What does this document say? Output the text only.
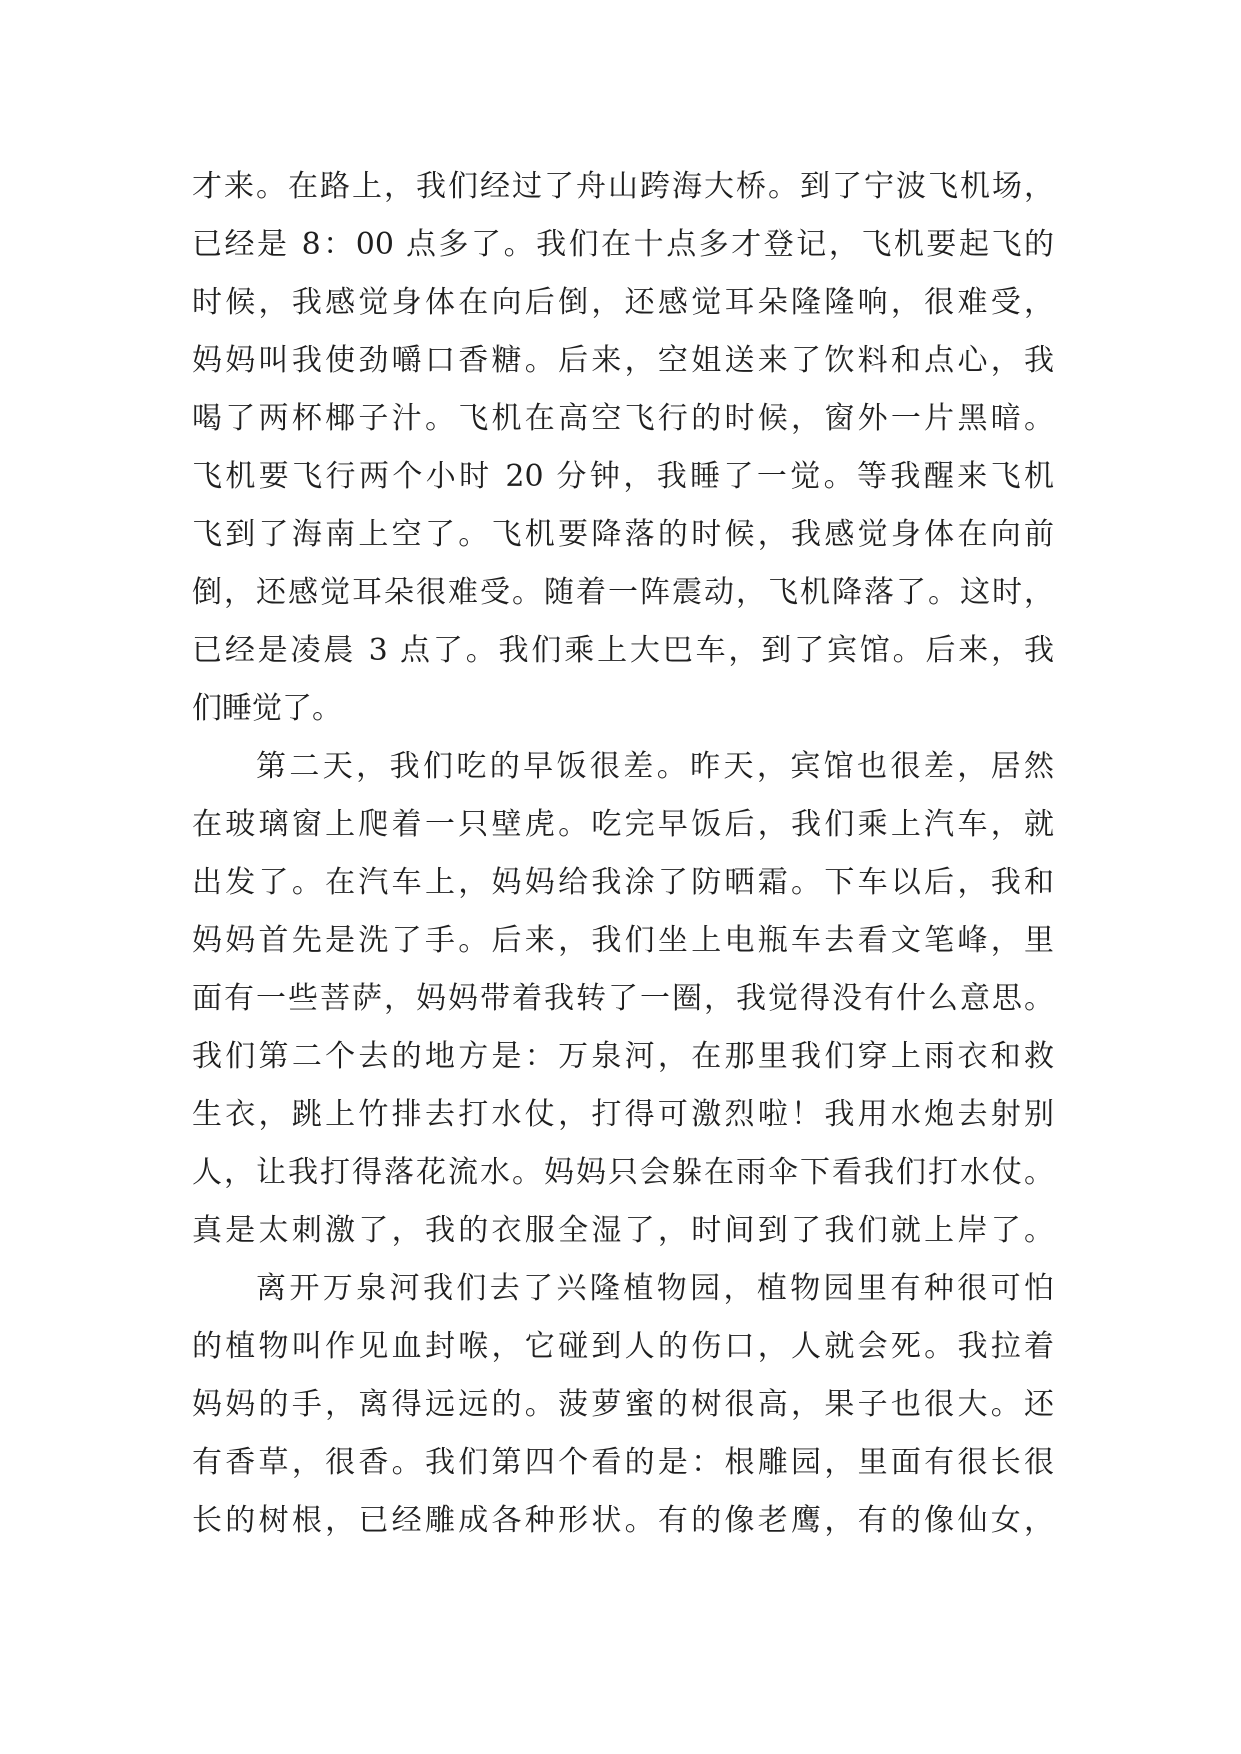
才来。在路上，我们经过了舟山跨海大桥。到了宁波飞机场，
已经是 8：00 点多了。我们在十点多才登记，飞机要起飞的
时候，我感觉身体在向后倒，还感觉耳朵隆隆响，很难受，
妈妈叫我使劲嚼口香糖。后来，空姐送来了饮料和点心，我
喝了两杯椰子汁。飞机在高空飞行的时候，窗外一片黑暗。
飞机要飞行两个小时 20 分钟，我睡了一觉。等我醒来飞机
飞到了海南上空了。飞机要降落的时候，我感觉身体在向前
倒，还感觉耳朵很难受。随着一阵震动，飞机降落了。这时，
已经是凌晨 3 点了。我们乘上大巴车，到了宾馆。后来，我
们睡觉了。
第二天，我们吃的早饭很差。昨天，宾馆也很差，居然
在玻璃窗上爬着一只壁虎。吃完早饭后，我们乘上汽车，就
出发了。在汽车上，妈妈给我涂了防晒霜。下车以后，我和
妈妈首先是洗了手。后来，我们坐上电瓶车去看文笔峰，里
面有一些菩萨，妈妈带着我转了一圈，我觉得没有什么意思。
我们第二个去的地方是：万泉河，在那里我们穿上雨衣和救
生衣，跳上竹排去打水仗，打得可激烈啦！我用水炮去射别
人，让我打得落花流水。妈妈只会躲在雨伞下看我们打水仗。
真是太刺激了，我的衣服全湿了，时间到了我们就上岸了。
离开万泉河我们去了兴隆植物园，植物园里有种很可怕
的植物叫作见血封喉，它碰到人的伤口，人就会死。我拉着
妈妈的手，离得远远的。菠萝蜜的树很高，果子也很大。还
有香草，很香。我们第四个看的是：根雕园，里面有很长很
长的树根，已经雕成各种形状。有的像老鹰，有的像仙女，
